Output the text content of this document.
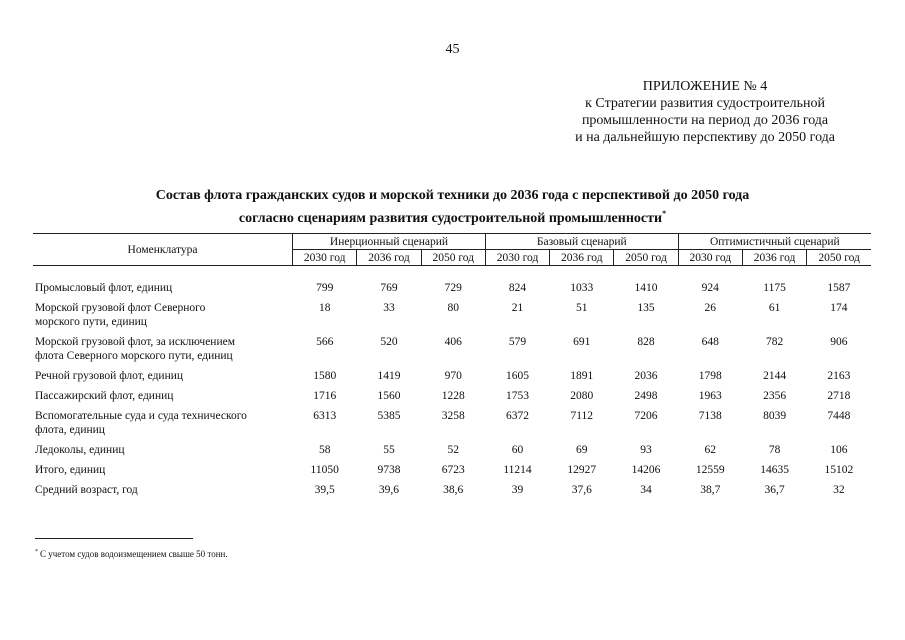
45
ПРИЛОЖЕНИЕ № 4
к Стратегии развития судостроительной
промышленности на период до 2036 года
и на дальнейшую перспективу до 2050 года
Состав флота гражданских судов и морской техники до 2036 года с перспективой до 2050 года
согласно сценариям развития судостроительной промышленности*
Номенклатура	Инерционный сценарий			Базовый сценарий			Оптимистичный сценарий		
	2030 год	2036 год	2050 год	2030 год	2036 год	2050 год	2030 год	2036 год	2050 год

Промысловый флот, единиц	799	769	729	824	1033	1410	924	1175	1587

Морской грузовой флот Северного
морского пути, единиц	18	33	80	21	51	135	26	61	174

Морской грузовой флот, за исключением
флота Северного морского пути, единиц	566	520	406	579	691	828	648	782	906

Речной грузовой флот, единиц	1580	1419	970	1605	1891	2036	1798	2144	2163

Пассажирский флот, единиц	1716	1560	1228	1753	2080	2498	1963	2356	2718

Вспомогательные суда и суда технического
флота, единиц	6313	5385	3258	6372	7112	7206	7138	8039	7448

Ледоколы, единиц	58	55	52	60	69	93	62	78	106

Итого, единиц	11050	9738	6723	11214	12927	14206	12559	14635	15102

Средний возраст, год	39,5	39,6	38,6	39	37,6	34	38,7	36,7	32
* С учетом судов водоизмещением свыше 50 тонн.
